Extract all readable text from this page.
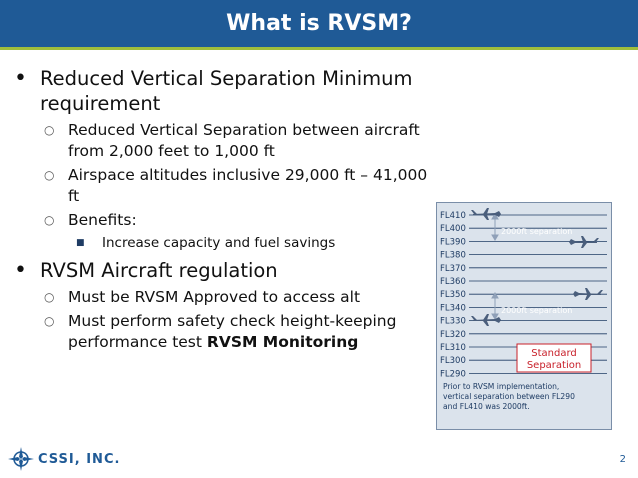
What is RVSM?
• Reduced Vertical Separation Minimum requirement
○ Reduced Vertical Separation between aircraft from 2,000 feet to 1,000 ft
○ Airspace altitudes inclusive 29,000 ft – 41,000 ft
○ Benefits:
■	Increase capacity and fuel savings
• RVSM Aircraft regulation
○ Must be RVSM Approved to access alt
○ Must perform safety check height-keeping performance test RVSM Monitoring
FL410
FL400
FL390
FL380
FL370
FL360
FL350
FL340
FL330
FL320
FL310
FL300
FL290
2000ft separation
2000ft separation
Standard
Separation
Prior to RVSM implementation,
vertical separation between FL290
and FL410 was 2000ft.
CSSI, INC.	2
